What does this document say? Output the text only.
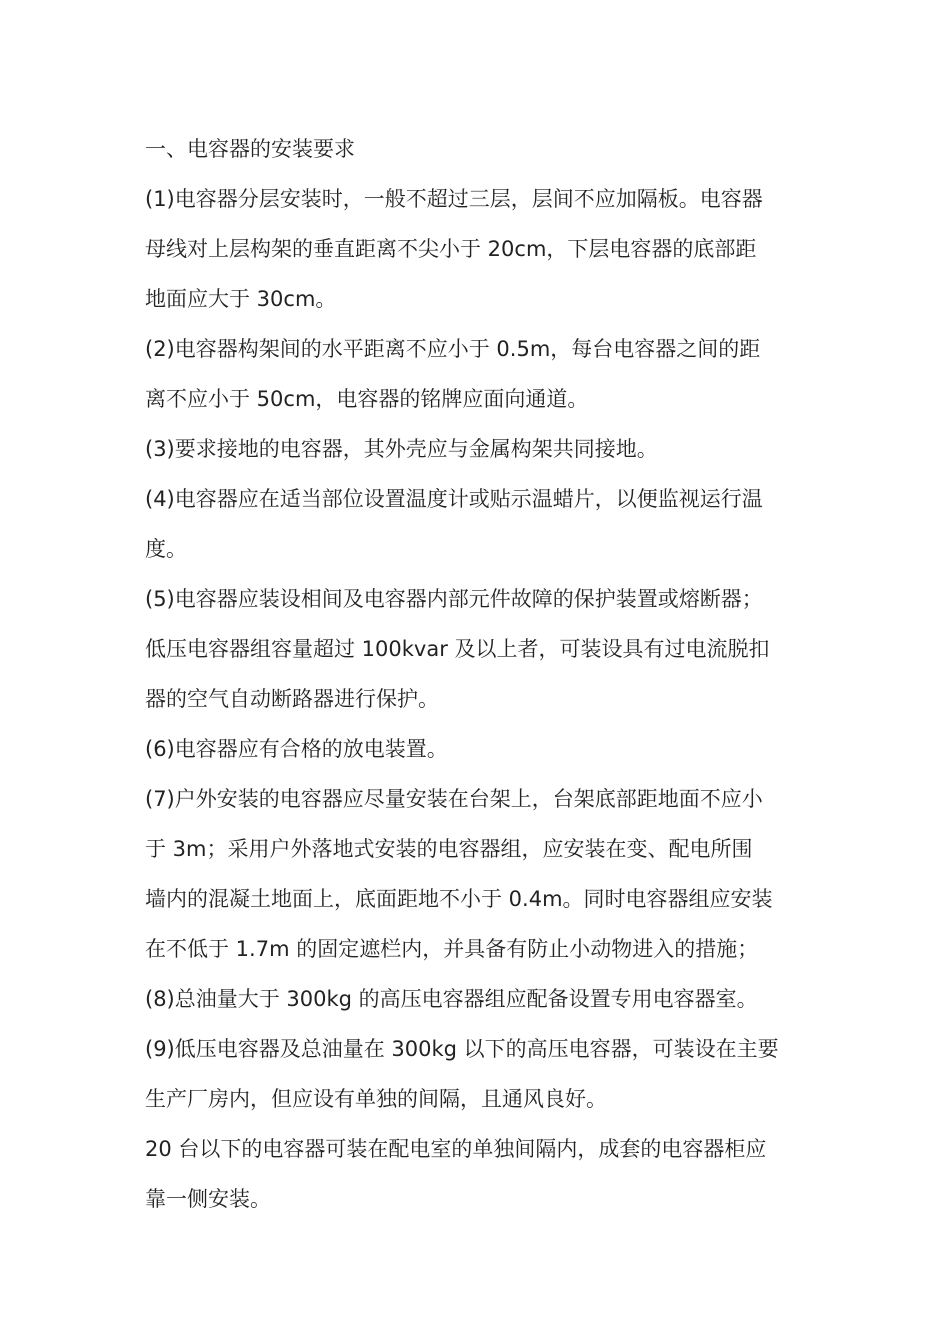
一、电容器的安装要求

(1)电容器分层安装时，一般不超过三层，层间不应加隔板。电容器

母线对上层构架的垂直距离不尖小于 20cm，下层电容器的底部距

地面应大于 30cm。

(2)电容器构架间的水平距离不应小于 0.5m，每台电容器之间的距

离不应小于 50cm，电容器的铭牌应面向通道。

(3)要求接地的电容器，其外壳应与金属构架共同接地。

(4)电容器应在适当部位设置温度计或贴示温蜡片，以便监视运行温

度。

(5)电容器应装设相间及电容器内部元件故障的保护装置或熔断器；

低压电容器组容量超过 100kvar 及以上者，可装设具有过电流脱扣

器的空气自动断路器进行保护。

(6)电容器应有合格的放电装置。

(7)户外安装的电容器应尽量安装在台架上，台架底部距地面不应小

于 3m；采用户外落地式安装的电容器组，应安装在变、配电所围

墙内的混凝土地面上，底面距地不小于 0.4m。同时电容器组应安装

在不低于 1.7m 的固定遮栏内，并具备有防止小动物进入的措施；

(8)总油量大于 300kg 的高压电容器组应配备设置专用电容器室。

(9)低压电容器及总油量在 300kg 以下的高压电容器，可装设在主要

生产厂房内，但应设有单独的间隔，且通风良好。

20 台以下的电容器可装在配电室的单独间隔内，成套的电容器柜应

靠一侧安装。
